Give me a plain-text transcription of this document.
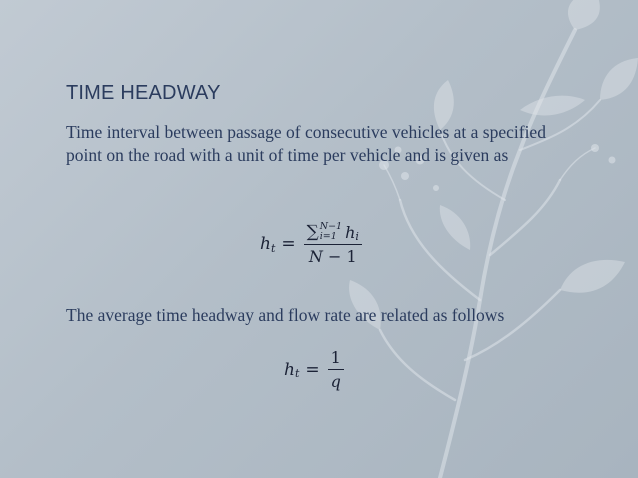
TIME HEADWAY
Time interval between passage of consecutive vehicles at a specified point on the road with a unit of time per vehicle and is given as
h t = ∑ N−1
i=1 h i
N
− 1
The average time headway and flow rate are related as follows
h $t = \frac{1}{q}$
